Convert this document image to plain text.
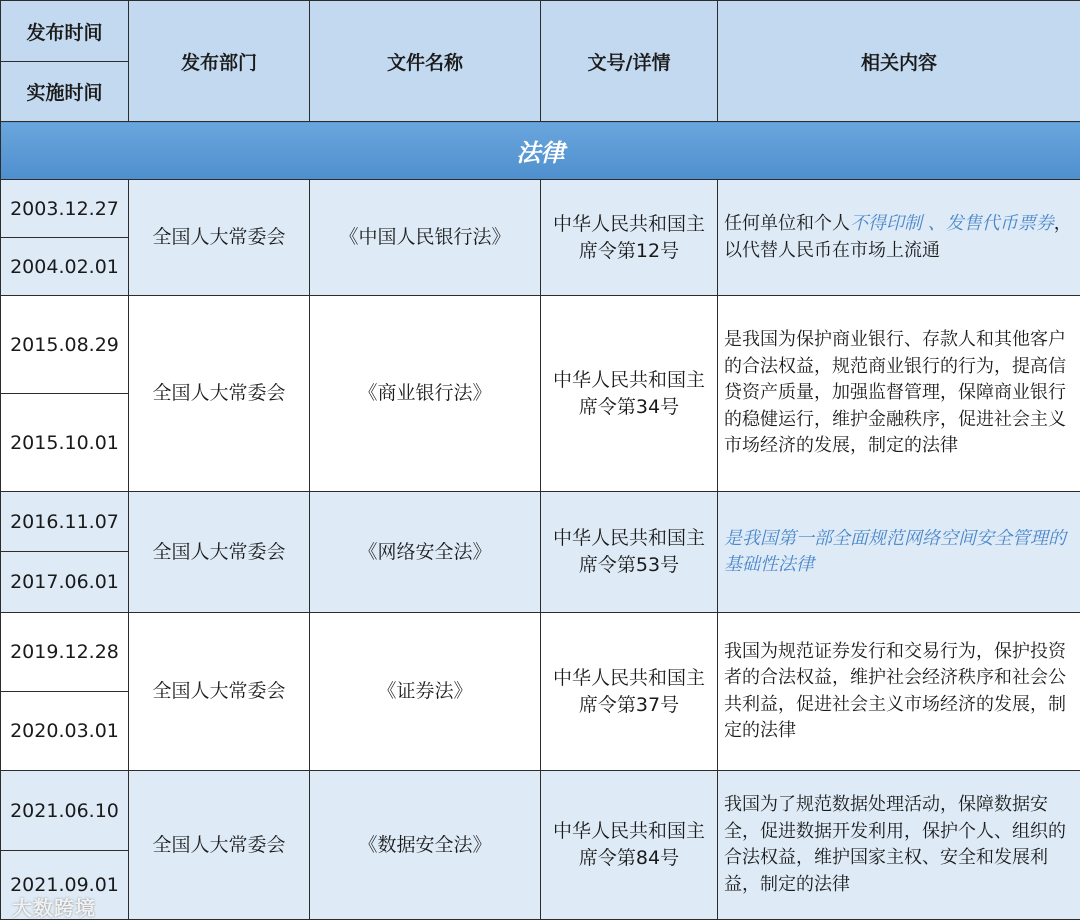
发布时间	发布部门	文件名称	文号/详情	相关内容
实施时间				
法律				
2003.12.27	全国人大常委会	《中国人民银行法》	中华人民共和国主席令第12号	任何单位和个人不得印制 、发售代币票券，以代替人民币在市场上流通
2004.02.01				
2015.08.29	全国人大常委会	《商业银行法》	中华人民共和国主席令第34号	是我国为保护商业银行、存款人和其他客户的合法权益，规范商业银行的行为，提高信贷资产质量，加强监督管理，保障商业银行的稳健运行，维护金融秩序，促进社会主义市场经济的发展，制定的法律
2015.10.01				
2016.11.07	全国人大常委会	《网络安全法》	中华人民共和国主席令第53号	是我国第一部全面规范网络空间安全管理的基础性法律
2017.06.01				
2019.12.28	全国人大常委会	《证券法》	中华人民共和国主席令第37号	我国为规范证券发行和交易行为，保护投资者的合法权益，维护社会经济秩序和社会公共利益，促进社会主义市场经济的发展，制定的法律
2020.03.01				
2021.06.10	全国人大常委会	《数据安全法》	中华人民共和国主席令第84号	我国为了规范数据处理活动，保障数据安全，促进数据开发利用，保护个人、组织的合法权益，维护国家主权、安全和发展利益，制定的法律
2021.09.01				
大数跨境
